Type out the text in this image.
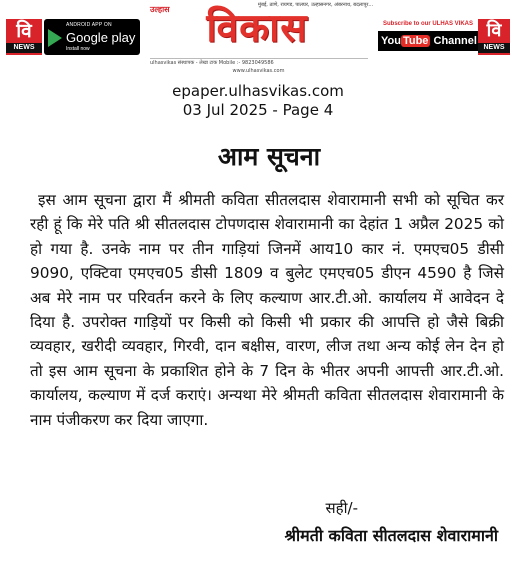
वि
NEWS
ANDROID APP ON
Google play
Install now
उल्हास	मुंबई, ठाणे, रायगड, पालघर, उल्हासनगर, अंबरनाथ, बदलापूर...
विकास
ulhasvikas संस्थापक - लेखा टाक Mobile :- 9823049586
www.ulhasvikas.com
Subscribe to our ULHAS VIKAS
You Tube Channel वि
NEWS
epaper.ulhasvikas.com
03 Jul 2025 - Page 4
आम सूचना

इस आम सूचना द्वारा मैं श्रीमती कविता सीतलदास शेवारामानी सभी को सूचित कर रही हूं कि मेरे पति श्री सीतलदास टोपणदास शेवारामानी का देहांत 1 अप्रैल 2025 को हो गया है. उनके नाम पर तीन गाड़ियां जिनमें आय10 कार नं. एमएच05 डीसी 9090, एक्टिवा एमएच05 डीसी 1809 व बुलेट एमएच05 डीएन 4590 है जिसे अब मेरे नाम पर परिवर्तन करने के लिए कल्याण आर.टी.ओ. कार्यालय में आवेदन दे दिया है. उपरोक्त गाड़ियों पर किसी को किसी भी प्रकार की आपत्ति हो जैसे बिक्री व्यवहार, खरीदी व्यवहार, गिरवी, दान बक्षीस, वारण, लीज तथा अन्य कोई लेन देन हो तो इस आम सूचना के प्रकाशित होने के 7 दिन के भीतर अपनी आपत्ती आर.टी.ओ. कार्यालय, कल्याण में दर्ज कराएं। अन्यथा मेरे श्रीमती कविता सीतलदास शेवारामानी के नाम पंजीकरण कर दिया जाएगा.

सही/-
श्रीमती कविता सीतलदास शेवारामानी
